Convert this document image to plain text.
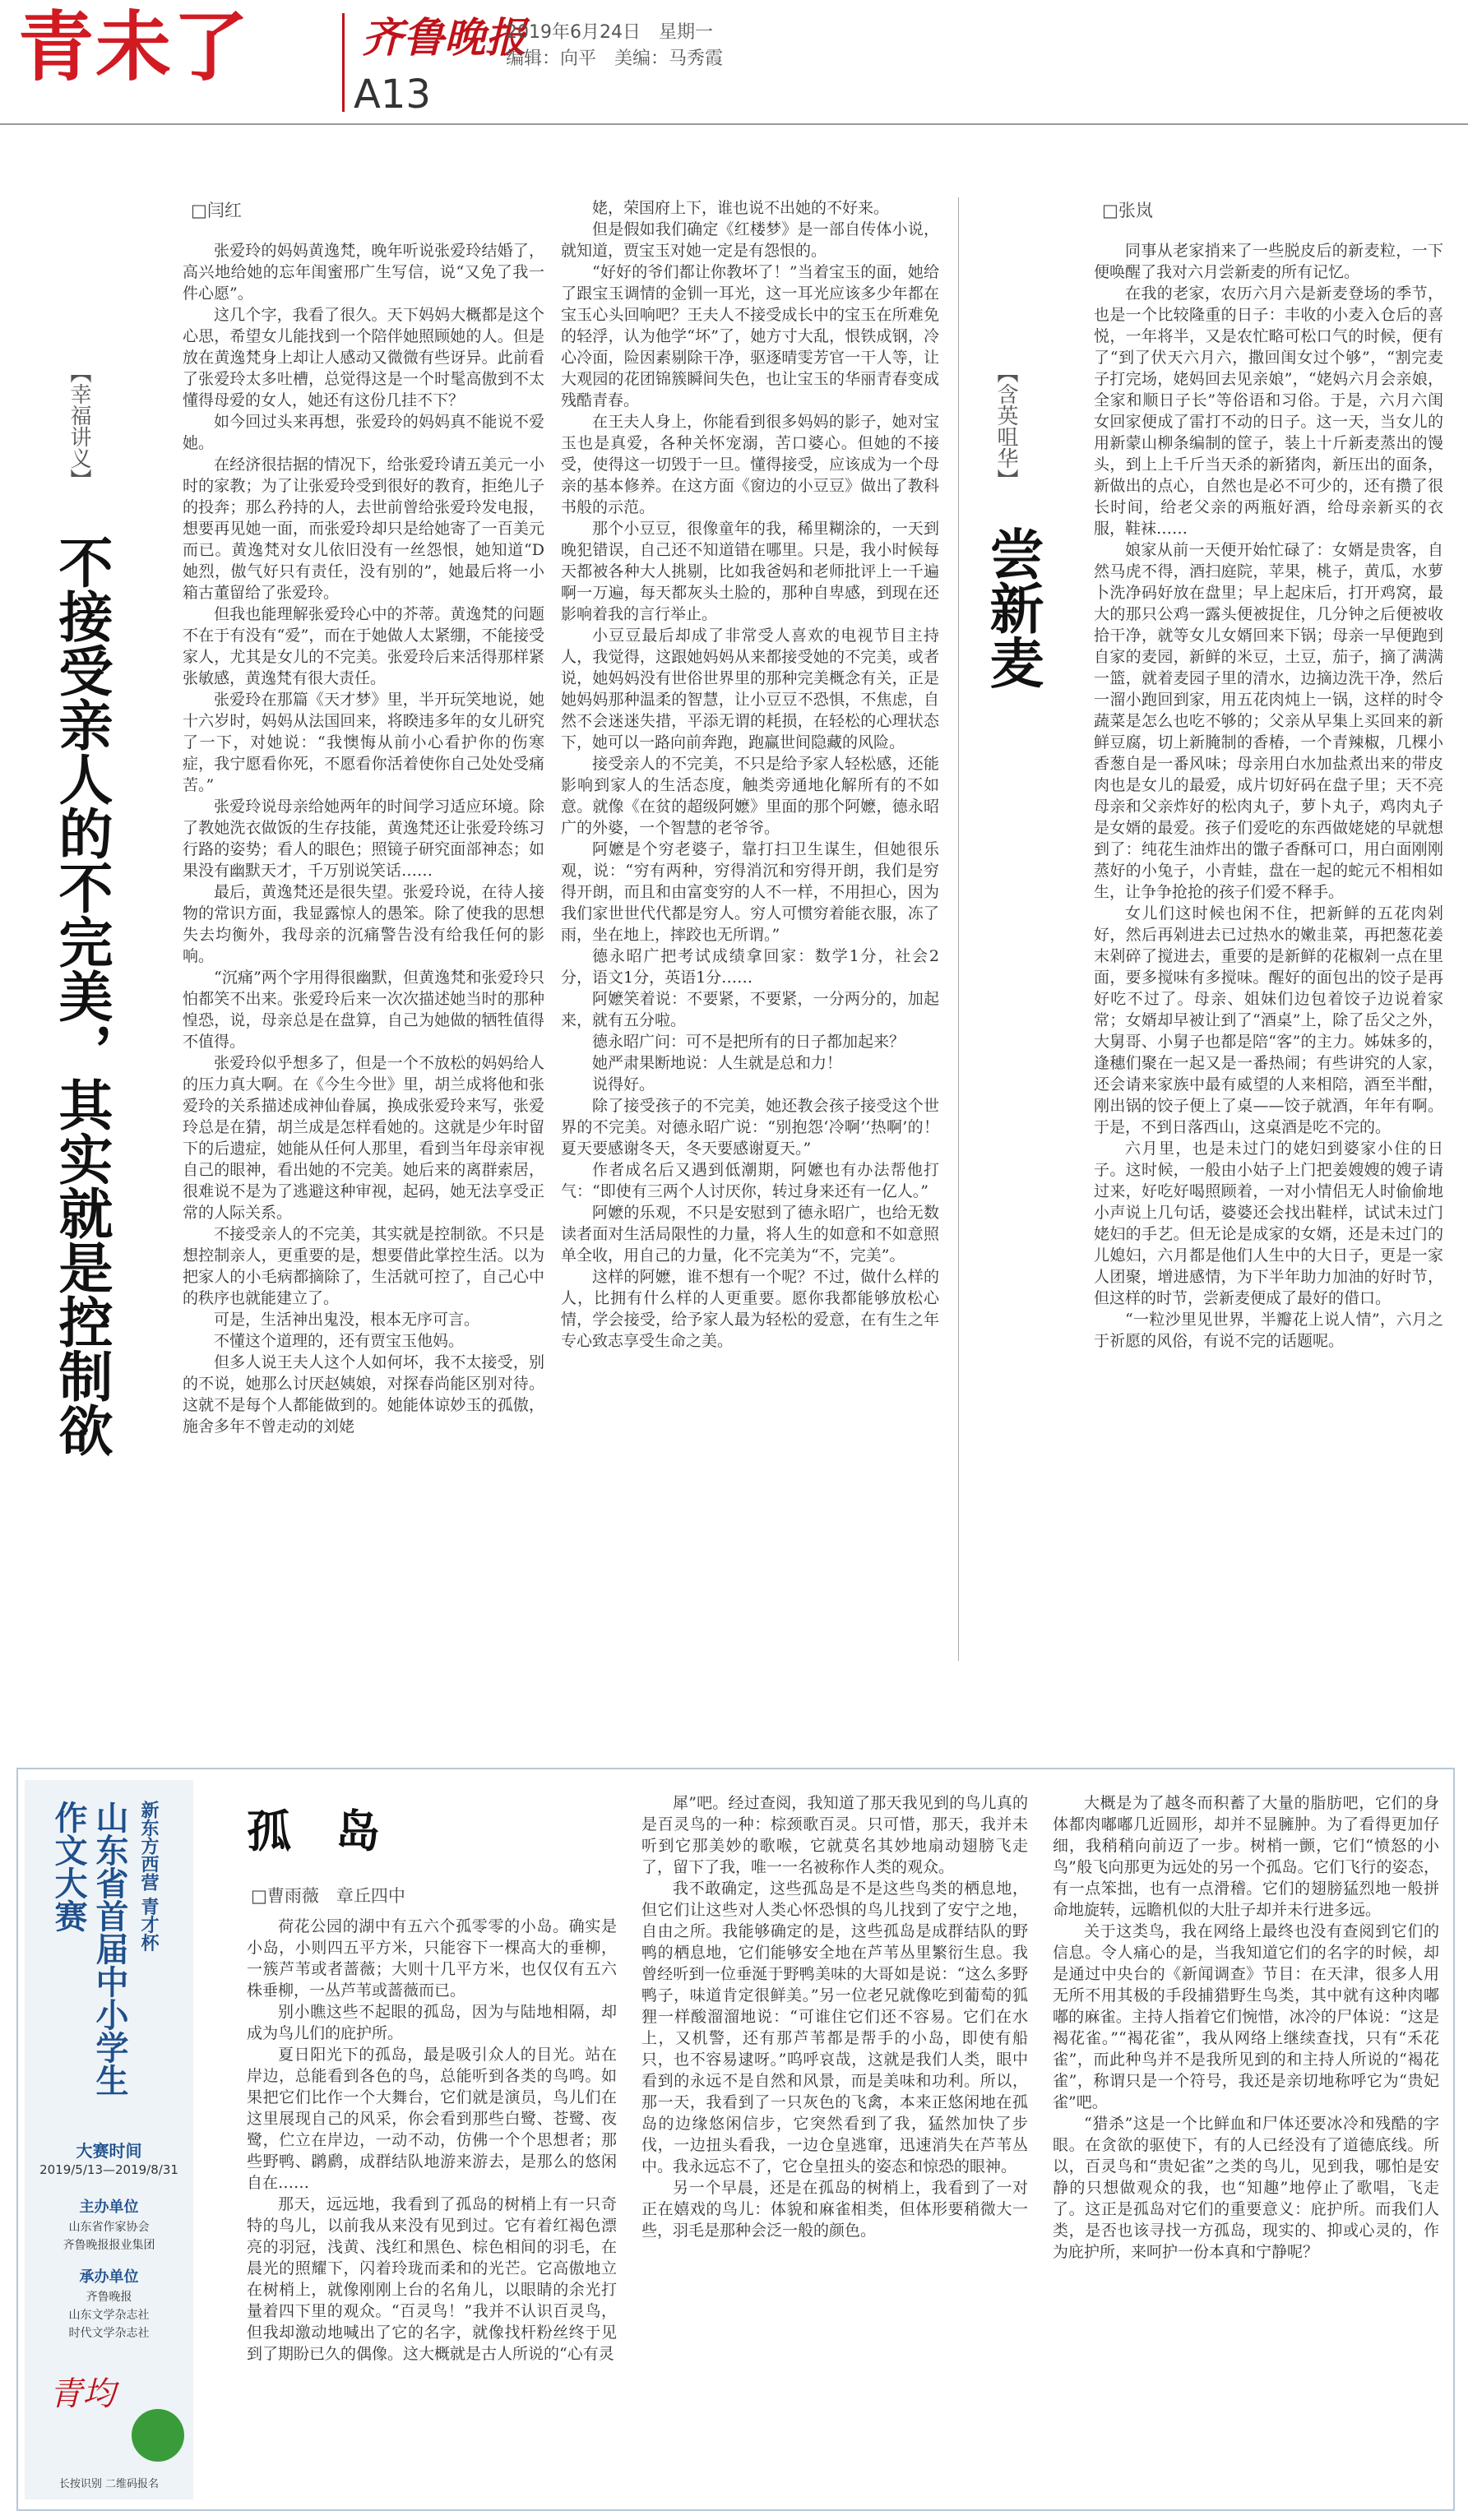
青未了	齐鲁晚报
2019年6月24日　星期一
编辑：向平　美编：马秀霞
A13
【幸福讲义】
不接受亲人的不完美，其实就是控制欲
□闫红

张爱玲的妈妈黄逸梵，晚年听说张爱玲结婚了，高兴地给她的忘年闺蜜邢广生写信，说“又免了我一件心愿”。

这几个字，我看了很久。天下妈妈大概都是这个心思，希望女儿能找到一个陪伴她照顾她的人。但是放在黄逸梵身上却让人感动又微微有些讶异。此前看了张爱玲太多吐槽，总觉得这是一个时髦高傲到不太懂得母爱的女人，她还有这份几挂不下？

如今回过头来再想，张爱玲的妈妈真不能说不爱她。

在经济很拮据的情况下，给张爱玲请五美元一小时的家教；为了让张爱玲受到很好的教育，拒绝儿子的投奔；那么矜持的人，去世前曾给张爱玲发电报，想要再见她一面，而张爱玲却只是给她寄了一百美元而已。黄逸梵对女儿依旧没有一丝怨恨，她知道“D她烈，傲气好只有责任，没有别的”，她最后将一小箱古董留给了张爱玲。

但我也能理解张爱玲心中的芥蒂。黄逸梵的问题不在于有没有“爱”，而在于她做人太紧绷，不能接受家人，尤其是女儿的不完美。张爱玲后来活得那样紧张敏感，黄逸梵有很大责任。

张爱玲在那篇《天才梦》里，半开玩笑地说，她十六岁时，妈妈从法国回来，将睽违多年的女儿研究了一下，对她说：“我懊悔从前小心看护你的伤寒症，我宁愿看你死，不愿看你活着使你自己处处受痛苦。”

张爱玲说母亲给她两年的时间学习适应环境。除了教她洗衣做饭的生存技能，黄逸梵还让张爱玲练习行路的姿势；看人的眼色；照镜子研究面部神态；如果没有幽默天才，千万别说笑话……

最后，黄逸梵还是很失望。张爱玲说，在待人接物的常识方面，我显露惊人的愚笨。除了使我的思想失去均衡外，我母亲的沉痛警告没有给我任何的影响。

“沉痛”两个字用得很幽默，但黄逸梵和张爱玲只怕都笑不出来。张爱玲后来一次次描述她当时的那种惶恐，说，母亲总是在盘算，自己为她做的牺牲值得不值得。

张爱玲似乎想多了，但是一个不放松的妈妈给人的压力真大啊。在《今生今世》里，胡兰成将他和张爱玲的关系描述成神仙眷属，换成张爱玲来写，张爱玲总是在猜，胡兰成是怎样看她的。这就是少年时留下的后遗症，她能从任何人那里，看到当年母亲审视自己的眼神，看出她的不完美。她后来的离群索居，很难说不是为了逃避这种审视，起码，她无法享受正常的人际关系。

不接受亲人的不完美，其实就是控制欲。不只是想控制亲人，更重要的是，想要借此掌控生活。以为把家人的小毛病都摘除了，生活就可控了，自己心中的秩序也就能建立了。

可是，生活神出鬼没，根本无序可言。

不懂这个道理的，还有贾宝玉他妈。

但多人说王夫人这个人如何坏，我不太接受，别的不说，她那么讨厌赵姨娘，对探春尚能区别对待。这就不是每个人都能做到的。她能体谅妙玉的孤傲，施舍多年不曾走动的刘姥

姥，荣国府上下，谁也说不出她的不好来。

但是假如我们确定《红楼梦》是一部自传体小说，就知道，贾宝玉对她一定是有怨恨的。

“好好的爷们都让你教坏了！”当着宝玉的面，她给了跟宝玉调情的金钏一耳光，这一耳光应该多少年都在宝玉心头回响吧？王夫人不接受成长中的宝玉在所难免的轻浮，认为他学“坏”了，她方寸大乱，恨铁成钢，冷心冷面，险因素剔除干净，驱逐晴雯芳官一干人等，让大观园的花团锦簇瞬间失色，也让宝玉的华丽青春变成残酷青春。

在王夫人身上，你能看到很多妈妈的影子，她对宝玉也是真爱，各种关怀宠溺，苦口婆心。但她的不接受，使得这一切毁于一旦。懂得接受，应该成为一个母亲的基本修养。在这方面《窗边的小豆豆》做出了教科书般的示范。

那个小豆豆，很像童年的我，稀里糊涂的，一天到晚犯错误，自己还不知道错在哪里。只是，我小时候每天都被各种大人挑剔，比如我爸妈和老师批评上一千遍啊一万遍，每天都灰头土脸的，那种自卑感，到现在还影响着我的言行举止。

小豆豆最后却成了非常受人喜欢的电视节目主持人，我觉得，这跟她妈妈从来都接受她的不完美，或者说，她妈妈没有世俗世界里的那种完美概念有关，正是她妈妈那种温柔的智慧，让小豆豆不恐惧，不焦虑，自然不会迷迷失措，平添无谓的耗损，在轻松的心理状态下，她可以一路向前奔跑，跑赢世间隐藏的风险。

接受亲人的不完美，不只是给予家人轻松感，还能影响到家人的生活态度，触类旁通地化解所有的不如意。就像《在贫的超级阿嬷》里面的那个阿嬷，德永昭广的外婆，一个智慧的老爷爷。

阿嬷是个穷老婆子，靠打扫卫生谋生，但她很乐观，说：“穷有两种，穷得消沉和穷得开朗，我们是穷得开朗，而且和由富变穷的人不一样，不用担心，因为我们家世世代代都是穷人。穷人可惯穷着能衣服，冻了雨，坐在地上，摔跤也无所谓。”

德永昭广把考试成绩拿回家：数学1分，社会2分，语文1分，英语1分……

阿嬷笑着说：不要紧，不要紧，一分两分的，加起来，就有五分啦。

德永昭广问：可不是把所有的日子都加起来？

她严肃果断地说：人生就是总和力！

说得好。

除了接受孩子的不完美，她还教会孩子接受这个世界的不完美。对德永昭广说：“别抱怨‘冷啊’‘热啊’的！夏天要感谢冬天，冬天要感谢夏天。”

作者成名后又遇到低潮期，阿嬷也有办法帮他打气：“即使有三两个人讨厌你，转过身来还有一亿人。”

阿嬷的乐观，不只是安慰到了德永昭广，也给无数读者面对生活局限性的力量，将人生的如意和不如意照单全收，用自己的力量，化不完美为“不，完美”。

这样的阿嬷，谁不想有一个呢？不过，做什么样的人，比拥有什么样的人更重要。愿你我都能够放松心情，学会接受，给予家人最为轻松的爱意，在有生之年专心致志享受生命之美。

【含英咀华】
尝新麦
□张岚

同事从老家捎来了一些脱皮后的新麦粒，一下便唤醒了我对六月尝新麦的所有记忆。

在我的老家，农历六月六是新麦登场的季节，也是一个比较隆重的日子：丰收的小麦入仓后的喜悦，一年将半，又是农忙略可松口气的时候，便有了“到了伏天六月六，撒回闺女过个够”，“割完麦子打完场，姥妈回去见亲娘”，“姥妈六月会亲娘，全家和顺日子长”等俗语和习俗。于是，六月六闺女回家便成了雷打不动的日子。这一天，当女儿的用新蒙山柳条编制的筐子，装上十斤新麦蒸出的馒头，到上上千斤当天杀的新猪肉，新压出的面条，新做出的点心，自然也是必不可少的，还有攒了很长时间，给老父亲的两瓶好酒，给母亲新买的衣服，鞋袜……

娘家从前一天便开始忙碌了：女婿是贵客，自然马虎不得，酒扫庭院，苹果，桃子，黄瓜，水萝卜洗净码好放在盘里；早上起床后，打开鸡窝，最大的那只公鸡一露头便被捉住，几分钟之后便被收拾干净，就等女儿女婿回来下锅；母亲一早便跑到自家的麦园，新鲜的米豆，土豆，茄子，摘了满满一篮，就着麦园子里的清水，边摘边洗干净，然后一溜小跑回到家，用五花肉炖上一锅，这样的时令蔬菜是怎么也吃不够的；父亲从早集上买回来的新鲜豆腐，切上新腌制的香椿，一个青辣椒，几棵小香葱自是一番风味；母亲用白水加盐煮出来的带皮肉也是女儿的最爱，成片切好码在盘子里；天不亮母亲和父亲炸好的松肉丸子，萝卜丸子，鸡肉丸子是女婿的最爱。孩子们爱吃的东西做姥姥的早就想到了：纯花生油炸出的馓子香酥可口，用白面刚刚蒸好的小兔子，小青蛙，盘在一起的蛇元不相相如生，让争争抢抢的孩子们爱不释手。

女儿们这时候也闲不住，把新鲜的五花肉剁好，然后再剁进去已过热水的嫩韭菜，再把葱花姜末剁碎了搅进去，重要的是新鲜的花椒剁一点在里面，要多搅味有多搅味。醒好的面包出的饺子是再好吃不过了。母亲、姐妹们边包着饺子边说着家常；女婿却早被让到了“酒桌”上，除了岳父之外，大舅哥、小舅子也都是陪“客”的主力。姊妹多的，逢穗们聚在一起又是一番热闹；有些讲究的人家，还会请来家族中最有威望的人来相陪，酒至半酣，刚出锅的饺子便上了桌——饺子就酒，年年有啊。于是，不到日落西山，这桌酒是吃不完的。

六月里，也是未过门的姥妇到婆家小住的日子。这时候，一般由小姑子上门把姜嫂嫂的嫂子请过来，好吃好喝照顾着，一对小情侣无人时偷偷地小声说上几句话，婆婆还会找出鞋样，试试未过门姥妇的手艺。但无论是成家的女婿，还是未过门的儿媳妇，六月都是他们人生中的大日子，更是一家人团聚，增进感情，为下半年助力加油的好时节，但这样的时节，尝新麦便成了最好的借口。

“一粒沙里见世界，半瓣花上说人情”，六月之于祈愿的风俗，有说不完的话题呢。

新东方西营 青才杯
山东省首届中小学生
作文大赛
大赛时间
2019/5/13—2019/8/31
主办单位
山东省作家协会
齐鲁晚报报业集团
承办单位
齐鲁晚报
山东文学杂志社
时代文学杂志社
青均
长按识别 二维码报名
孤　岛
□曹雨薇　章丘四中

荷花公园的湖中有五六个孤零零的小岛。确实是小岛，小则四五平方米，只能容下一棵高大的垂柳，一簇芦苇或者蔷薇；大则十几平方米，也仅仅有五六株垂柳，一丛芦苇或蔷薇而已。

别小瞧这些不起眼的孤岛，因为与陆地相隔，却成为鸟儿们的庇护所。

夏日阳光下的孤岛，最是吸引众人的目光。站在岸边，总能看到各色的鸟，总能听到各类的鸟鸣。如果把它们比作一个大舞台，它们就是演员，鸟儿们在这里展现自己的风采，你会看到那些白鹭、苍鹭、夜鹭，伫立在岸边，一动不动，仿佛一个个思想者；那些野鸭、䴙䴘，成群结队地游来游去，是那么的悠闲自在……

那天，远远地，我看到了孤岛的树梢上有一只奇特的鸟儿，以前我从来没有见到过。它有着红褐色漂亮的羽冠，浅黄、浅红和黑色、棕色相间的羽毛，在晨光的照耀下，闪着玲珑而柔和的光芒。它高傲地立在树梢上，就像刚刚上台的名角儿，以眼睛的余光打量着四下里的观众。“百灵鸟！”我并不认识百灵鸟，但我却激动地喊出了它的名字，就像找杆粉丝终于见到了期盼已久的偶像。这大概就是古人所说的“心有灵

犀”吧。经过查阅，我知道了那天我见到的鸟儿真的是百灵鸟的一种：棕颈歌百灵。只可惜，那天，我并未听到它那美妙的歌喉，它就莫名其妙地扇动翅膀飞走了，留下了我，唯一一名被称作人类的观众。

我不敢确定，这些孤岛是不是这些鸟类的栖息地，但它们让这些对人类心怀恐惧的鸟儿找到了安宁之地，自由之所。我能够确定的是，这些孤岛是成群结队的野鸭的栖息地，它们能够安全地在芦苇丛里繁衍生息。我曾经听到一位垂涎于野鸭美味的大哥如是说：“这么多野鸭子，味道肯定很鲜美。”另一位老兄就像吃到葡萄的狐狸一样酸溜溜地说：“可谁住它们还不容易。它们在水上，又机警，还有那芦苇都是帮手的小岛，即使有船只，也不容易逮呀。”呜呼哀哉，这就是我们人类，眼中看到的永远不是自然和风景，而是美味和功利。所以，那一天，我看到了一只灰色的飞禽，本来正悠闲地在孤岛的边缘悠闲信步，它突然看到了我，猛然加快了步伐，一边扭头看我，一边仓皇逃窜，迅速消失在芦苇丛中。我永远忘不了，它仓皇扭头的姿态和惊恐的眼神。

另一个早晨，还是在孤岛的树梢上，我看到了一对正在嬉戏的鸟儿：体貌和麻雀相类，但体形要稍微大一些，羽毛是那种会泛一般的颜色。

大概是为了越冬而积蓄了大量的脂肪吧，它们的身体都肉嘟嘟几近圆形，却并不显臃肿。为了看得更加仔细，我稍稍向前迈了一步。树梢一颤，它们“愤怒的小鸟”般飞向那更为远处的另一个孤岛。它们飞行的姿态，有一点笨拙，也有一点滑稽。它们的翅膀猛烈地一般拼命地旋转，远瞻机似的大肚子却并未行进多远。

关于这类鸟，我在网络上最终也没有查阅到它们的信息。令人痛心的是，当我知道它们的名字的时候，却是通过中央台的《新闻调查》节目：在天津，很多人用无所不用其极的手段捕猎野生鸟类，其中就有这种肉嘟嘟的麻雀。主持人指着它们惋惜，冰冷的尸体说：“这是褐花雀。”“褐花雀”，我从网络上继续查找，只有“禾花雀”，而此种鸟并不是我所见到的和主持人所说的“褐花雀”，称谓只是一个符号，我还是亲切地称呼它为“贵妃雀”吧。

“猎杀”这是一个比鲜血和尸体还要冰冷和残酷的字眼。在贪欲的驱使下，有的人已经没有了道德底线。所以，百灵鸟和“贵妃雀”之类的鸟儿，见到我，哪怕是安静的只想做观众的我，也“知趣”地停止了歌唱，飞走了。这正是孤岛对它们的重要意义：庇护所。而我们人类，是否也该寻找一方孤岛，现实的、抑或心灵的，作为庇护所，来呵护一份本真和宁静呢？
